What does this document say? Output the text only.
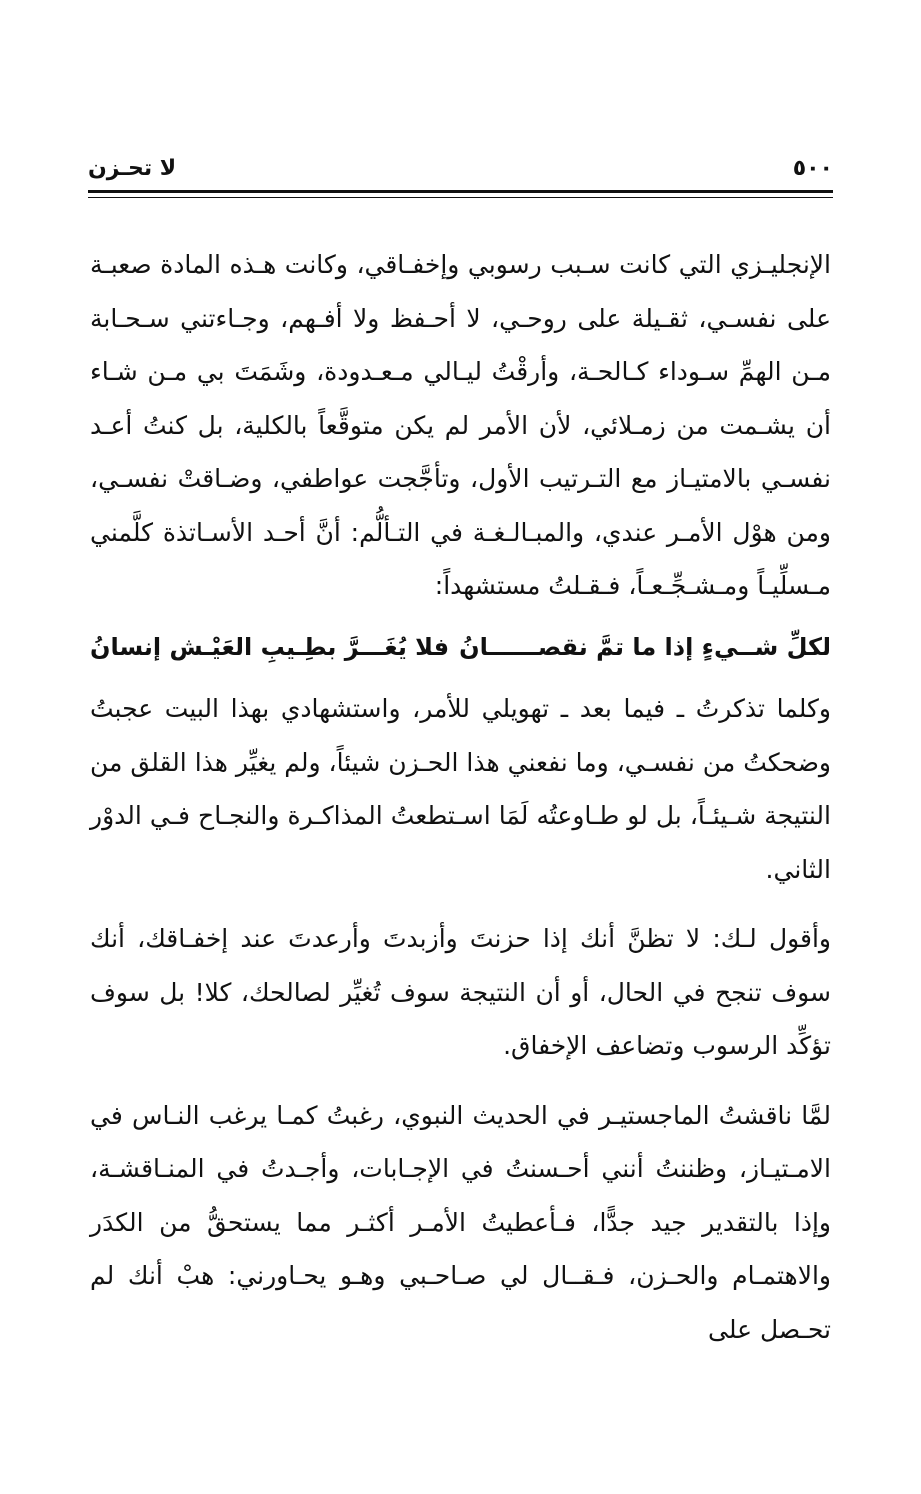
٥٠٠
لا تحـزن

الإنجليـزي التي كانت سـبب رسوبي وإخفـاقي، وكانت هـذه المادة صعبـة على نفسـي، ثقـيلة على روحـي، لا أحـفظ ولا أفـهم، وجـاءتني سـحـابة مـن الهمِّ سـوداء كـالحـة، وأرقْتُ ليـالي مـعـدودة، وشَمَتَ بي مـن شـاء أن يشـمت من زمـلائي، لأن الأمر لم يكن متوقَّعاً بالكلية، بل كنتُ أعـد نفسـي بالامتيـاز مع التـرتيب الأول، وتأجَّجت عواطفي، وضـاقتْ نفسـي، ومن هوْل الأمـر عندي، والمبـالـغـة في التـألُّم: أنَّ أحـد الأسـاتذة كلَّمني مـسلِّيـاً ومـشـجِّـعـاً، فـقـلتُ مستشهداً:

لكلِّ شــيءٍ إذا ما تمَّ نقصــــــانُ
فلا يُغَـــرَّ بطِـيبِ العَيْـش إنسانُ

وكلما تذكرتُ ـ فيما بعد ـ تهويلي للأمر، واستشهادي بهذا البيت عجبتُ وضحكتُ من نفسـي، وما نفعني هذا الحـزن شيئاً، ولم يغيِّر هذا القلق من النتيجة شـيئـاً، بل لو طـاوعتُه لَمَا اسـتطعتُ المذاكـرة والنجـاح فـي الدوْر الثاني.

وأقول لـك: لا تظنَّ أنك إذا حزنتَ وأزبدتَ وأرعدتَ عند إخفـاقك، أنك سوف تنجح في الحال، أو أن النتيجة سوف تُغيِّر لصالحك، كلا! بل سوف تؤكِّد الرسوب وتضاعف الإخفاق.

لمَّا ناقشتُ الماجستيـر في الحديث النبوي، رغبتُ كمـا يرغب النـاس في الامـتيـاز، وظننتُ أنني أحـسنتُ في الإجـابات، وأجـدتُ في المنـاقشـة، وإذا بالتقدير جيد جدًّا، فـأعطيتُ الأمـر أكثـر مما يستحقُّ من الكدَر والاهتمـام والحـزن، فـقــال لي صـاحـبي وهـو يحـاورني: هبْ أنك لم تحـصل على
